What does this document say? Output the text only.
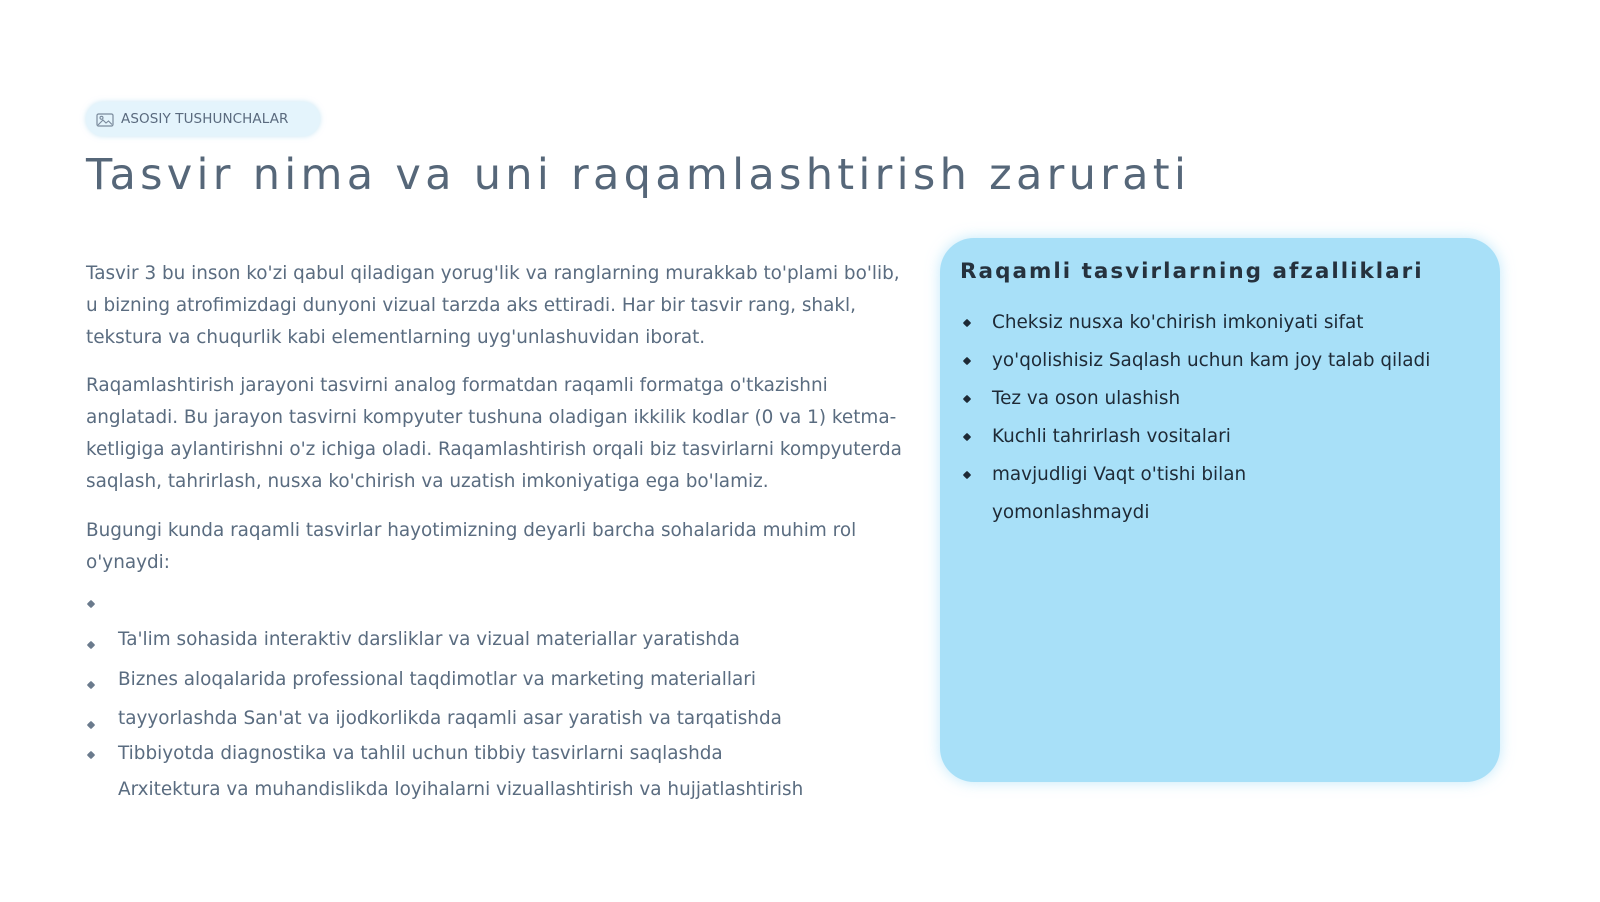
ASOSIY TUSHUNCHALAR
Tasvir nima va uni raqamlashtirish zarurati

Tasvir 3 bu inson ko'zi qabul qiladigan yorug'lik va ranglarning murakkab to'plami bo'lib, u bizning atrofimizdagi dunyoni vizual tarzda aks ettiradi. Har bir tasvir rang, shakl, tekstura va chuqurlik kabi elementlarning uyg'unlashuvidan iborat.

Raqamlashtirish jarayoni tasvirni analog formatdan raqamli formatga o'tkazishni anglatadi. Bu jarayon tasvirni kompyuter tushuna oladigan ikkilik kodlar (0 va 1) ketma- ketligiga aylantirishni o'z ichiga oladi. Raqamlashtirish orqali biz tasvirlarni kompyuterda saqlash, tahrirlash, nusxa ko'chirish va uzatish imkoniyatiga ega bo'lamiz.

Bugungi kunda raqamli tasvirlar hayotimizning deyarli barcha sohalarida muhim rol o'ynaydi:

Ta'lim sohasida interaktiv darsliklar va vizual materiallar yaratishda
Biznes aloqalarida professional taqdimotlar va marketing materiallari
tayyorlashda San'at va ijodkorlikda raqamli asar yaratish va tarqatishda
Tibbiyotda diagnostika va tahlil uchun tibbiy tasvirlarni saqlashda
Arxitektura va muhandislikda loyihalarni vizuallashtirish va hujjatlashtirish
Raqamli tasvirlarning afzalliklari
Cheksiz nusxa ko'chirish imkoniyati sifat
yo'qolishisiz Saqlash uchun kam joy talab qiladi
Tez va oson ulashish
Kuchli tahrirlash vositalari
mavjudligi Vaqt o'tishi bilan yomonlashmaydi
